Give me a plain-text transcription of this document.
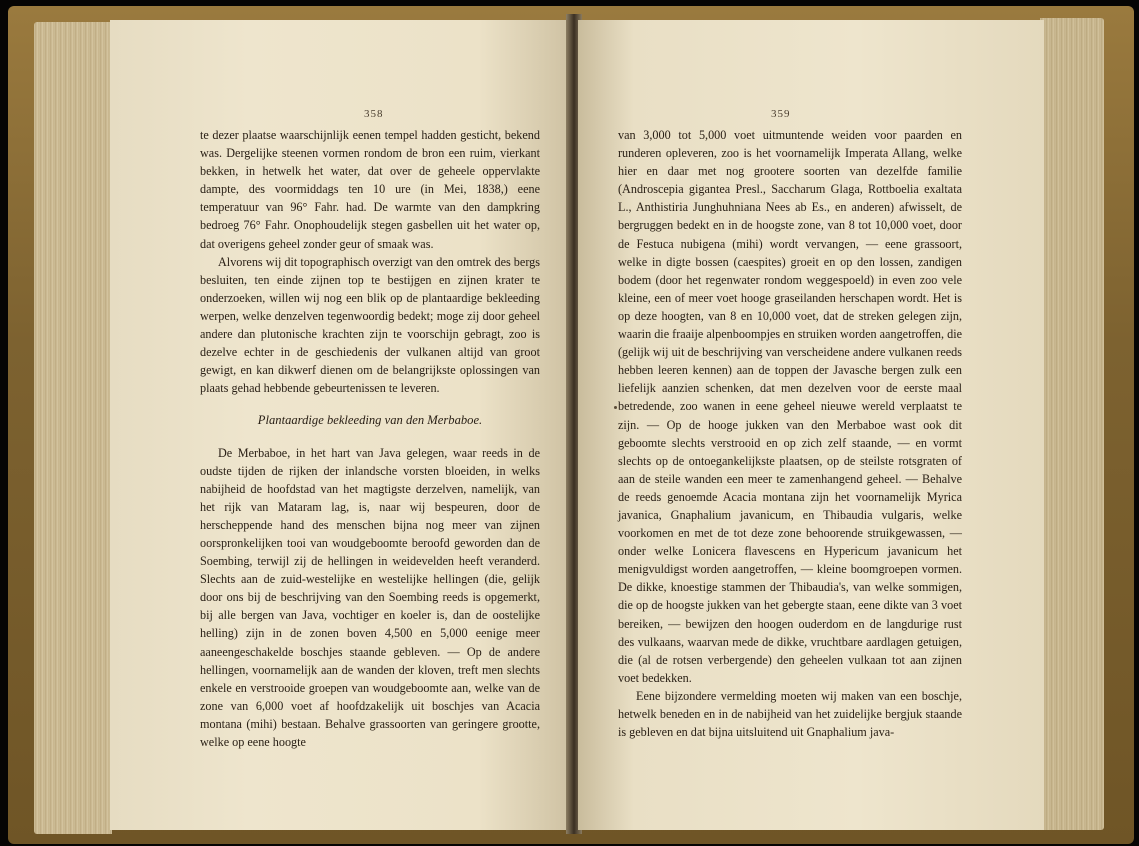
358

te dezer plaatse waarschijnlijk eenen tempel hadden gesticht, bekend was. Dergelijke steenen vormen rondom de bron een ruim, vierkant bekken, in hetwelk het water, dat over de geheele oppervlakte dampte, des voormiddags ten 10 ure (in Mei, 1838,) eene temperatuur van 96° Fahr. had. De warmte van den dampkring bedroeg 76° Fahr. Onophoudelijk stegen gasbellen uit het water op, dat overigens geheel zonder geur of smaak was.

Alvorens wij dit topographisch overzigt van den omtrek des bergs besluiten, ten einde zijnen top te bestijgen en zijnen krater te onderzoeken, willen wij nog een blik op de plantaardige bekleeding werpen, welke denzelven tegenwoordig bedekt; moge zij door geheel andere dan plutonische krachten zijn te voorschijn gebragt, zoo is dezelve echter in de geschiedenis der vulkanen altijd van groot gewigt, en kan dikwerf dienen om de belangrijkste oplossingen van plaats gehad hebbende gebeurtenissen te leveren.

Plantaardige bekleeding van den Merbaboe.

De Merbaboe, in het hart van Java gelegen, waar reeds in de oudste tijden de rijken der inlandsche vorsten bloeiden, in welks nabijheid de hoofdstad van het magtigste derzelven, namelijk, van het rijk van Mataram lag, is, naar wij bespeuren, door de herscheppende hand des menschen bijna nog meer van zijnen oorspronkelijken tooi van woudgeboomte beroofd geworden dan de Soembing, terwijl zij de hellingen in weidevelden heeft veranderd. Slechts aan de zuid-westelijke en westelijke hellingen (die, gelijk door ons bij de beschrijving van den Soembing reeds is opgemerkt, bij alle bergen van Java, vochtiger en koeler is, dan de oostelijke helling) zijn in de zonen boven 4,500 en 5,000 eenige meer aaneengeschakelde boschjes staande gebleven. — Op de andere hellingen, voornamelijk aan de wanden der kloven, treft men slechts enkele en verstrooide groepen van woudgeboomte aan, welke van de zone van 6,000 voet af hoofdzakelijk uit boschjes van Acacia montana (mihi) bestaan. Behalve grassoorten van geringere grootte, welke op eene hoogte

359

van 3,000 tot 5,000 voet uitmuntende weiden voor paarden en runderen opleveren, zoo is het voornamelijk Imperata Allang, welke hier en daar met nog grootere soorten van dezelfde familie (Androscepia gigantea Presl., Saccharum Glaga, Rottboelia exaltata L., Anthistiria Junghuhniana Nees ab Es., en anderen) afwisselt, de bergruggen bedekt en in de hoogste zone, van 8 tot 10,000 voet, door de Festuca nubigena (mihi) wordt vervangen, — eene grassoort, welke in digte bossen (caespites) groeit en op den lossen, zandigen bodem (door het regenwater rondom weggespoeld) in even zoo vele kleine, een of meer voet hooge graseilanden herschapen wordt. Het is op deze hoogten, van 8 en 10,000 voet, dat de streken gelegen zijn, waarin die fraaije alpenboompjes en struiken worden aangetroffen, die (gelijk wij uit de beschrijving van verscheidene andere vulkanen reeds hebben leeren kennen) aan de toppen der Javasche bergen zulk een liefelijk aanzien schenken, dat men dezelven voor de eerste maal betredende, zoo wanen in eene geheel nieuwe wereld verplaatst te zijn. — Op de hooge jukken van den Merbaboe wast ook dit geboomte slechts verstrooid en op zich zelf staande, — en vormt slechts op de ontoegankelijkste plaatsen, op de steilste rotsgraten of aan de steile wanden een meer te zamenhangend geheel. — Behalve de reeds genoemde Acacia montana zijn het voornamelijk Myrica javanica, Gnaphalium javanicum, en Thibaudia vulgaris, welke voorkomen en met de tot deze zone behoorende struikgewassen, — onder welke Lonicera flavescens en Hypericum javanicum het menigvuldigst worden aangetroffen, — kleine boomgroepen vormen. De dikke, knoestige stammen der Thibaudia's, van welke sommigen, die op de hoogste jukken van het gebergte staan, eene dikte van 3 voet bereiken, — bewijzen den hoogen ouderdom en de langdurige rust des vulkaans, waarvan mede de dikke, vruchtbare aardlagen getuigen, die (al de rotsen verbergende) den geheelen vulkaan tot aan zijnen voet bedekken.

Eene bijzondere vermelding moeten wij maken van een boschje, hetwelk beneden en in de nabijheid van het zuidelijke bergjuk staande is gebleven en dat bijna uitsluitend uit Gnaphalium java-
